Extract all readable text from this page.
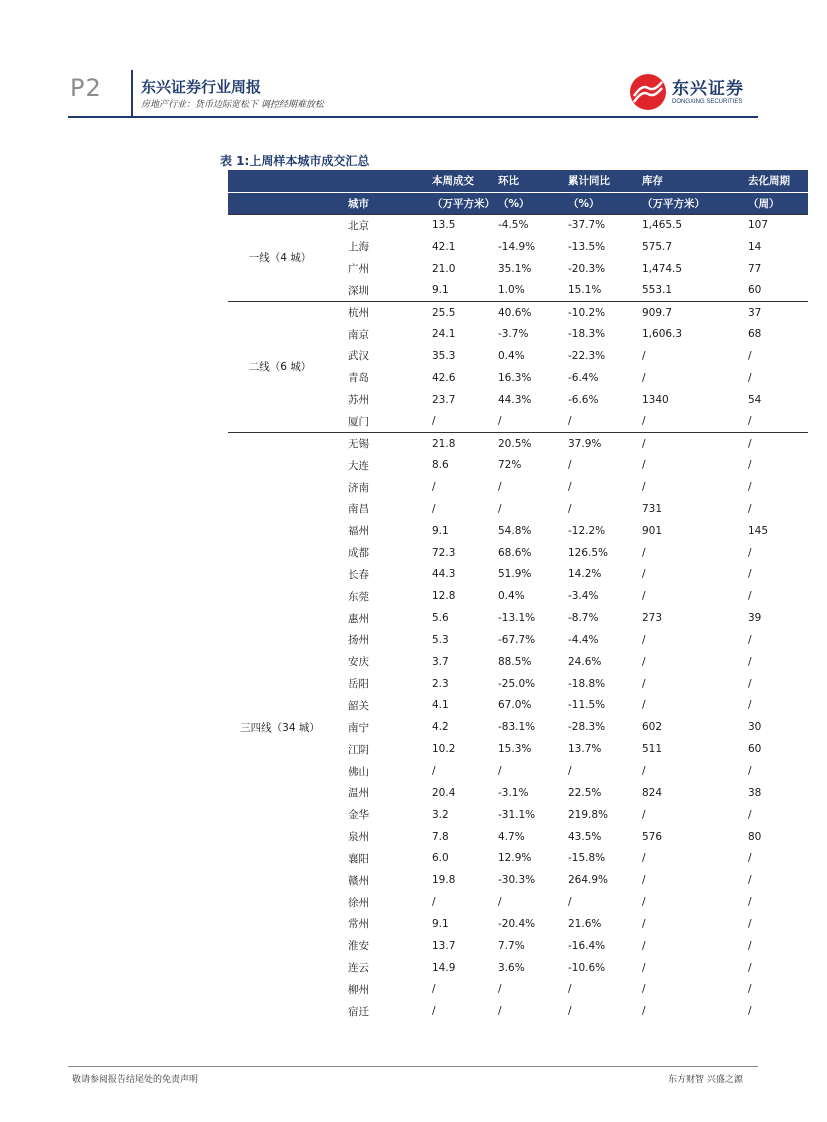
P2	东兴证券行业周报
房地产行业：货币边际宽松下 调控经期难放松
东兴证券
DONGXING SECURITIES
表 1:上周样本城市成交汇总
		本周成交	环比	累计同比	库存	去化周期
	城市	（万平方米）	（%）	（%）	（万平方米）	（周）
一线（4 城）	北京	13.5	-4.5%	-37.7%	1,465.5	107
	上海	42.1	-14.9%	-13.5%	575.7	14
	广州	21.0	35.1%	-20.3%	1,474.5	77
	深圳	9.1	1.0%	15.1%	553.1	60
二线（6 城）	杭州	25.5	40.6%	-10.2%	909.7	37
	南京	24.1	-3.7%	-18.3%	1,606.3	68
	武汉	35.3	0.4%	-22.3%	/	/
	青岛	42.6	16.3%	-6.4%	/	/
	苏州	23.7	44.3%	-6.6%	1340	54
	厦门	/	/	/	/	/
三四线（34 城）	无锡	21.8	20.5%	37.9%	/	/
	大连	8.6	72%	/	/	/
	济南	/	/	/	/	/
	南昌	/	/	/	731	/
	福州	9.1	54.8%	-12.2%	901	145
	成都	72.3	68.6%	126.5%	/	/
	长春	44.3	51.9%	14.2%	/	/
	东莞	12.8	0.4%	-3.4%	/	/
	惠州	5.6	-13.1%	-8.7%	273	39
	扬州	5.3	-67.7%	-4.4%	/	/
	安庆	3.7	88.5%	24.6%	/	/
	岳阳	2.3	-25.0%	-18.8%	/	/
	韶关	4.1	67.0%	-11.5%	/	/
	南宁	4.2	-83.1%	-28.3%	602	30
	江阴	10.2	15.3%	13.7%	511	60
	佛山	/	/	/	/	/
	温州	20.4	-3.1%	22.5%	824	38
	金华	3.2	-31.1%	219.8%	/	/
	泉州	7.8	4.7%	43.5%	576	80
	襄阳	6.0	12.9%	-15.8%	/	/
	赣州	19.8	-30.3%	264.9%	/	/
	徐州	/	/	/	/	/
	常州	9.1	-20.4%	21.6%	/	/
	淮安	13.7	7.7%	-16.4%	/	/
	连云	14.9	3.6%	-10.6%	/	/
	柳州	/	/	/	/	/
	宿迁	/	/	/	/	/
敬请参阅报告结尾处的免责声明	东方财智 兴盛之源
